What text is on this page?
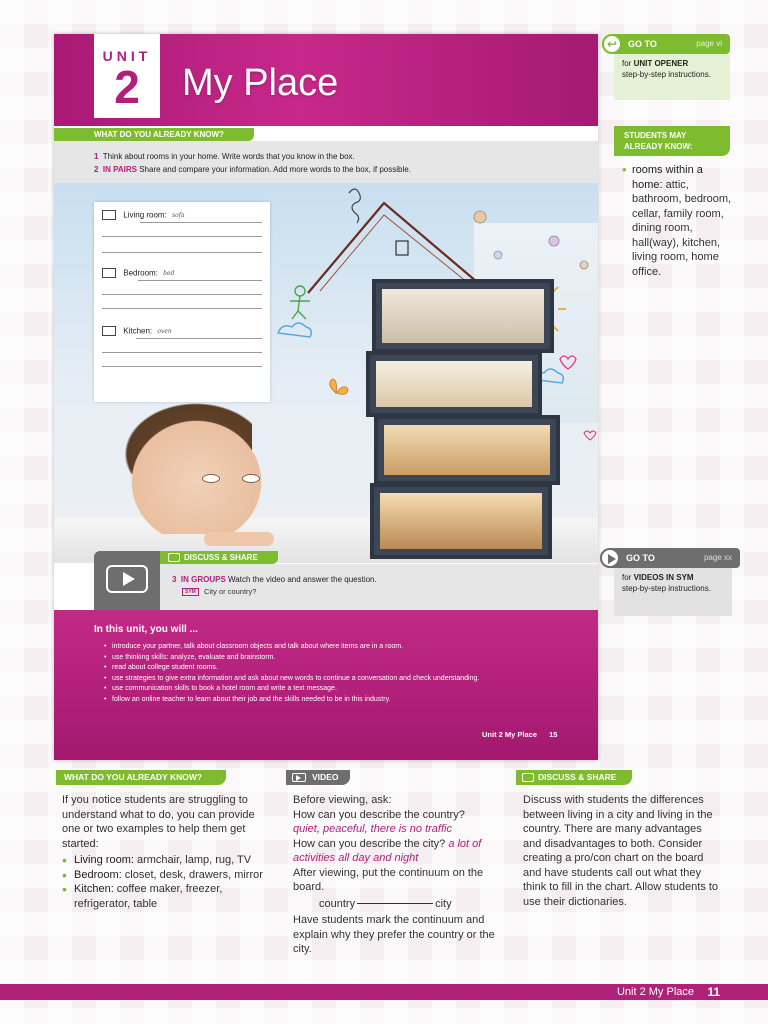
UNIT
2	My Place
WHAT DO YOU ALREADY KNOW?
1 Think about rooms in your home. Write words that you know in the box.
2 IN PAIRS Share and compare your information. Add more words to the box, if possible.
Living room: sofa
Bedroom: bed
Kitchen: oven
DISCUSS & SHARE
3 IN GROUPS Watch the video and answer the question.
SYM City or country?
In this unit, you will ...
• introduce your partner, talk about classroom objects and talk about where items are in a room.
• use thinking skills: analyze, evaluate and brainstorm.
• read about college student rooms.
• use strategies to give extra information and ask about new words to continue a conversation and check understanding.
• use communication skills to book a hotel room and write a text message.
• follow an online teacher to learn about their job and the skills needed to be in this industry.
Unit 2 My Place 15
↩
GO TO	page vi
for UNIT OPENER
step-by-step instructions.
STUDENTS MAY ALREADY KNOW:
• rooms within a home: attic, bathroom, bedroom, cellar, family room, dining room, hall(way), kitchen, living room, home office.
GO TO	page xx
for VIDEOS IN SYM
step-by-step instructions.
WHAT DO YOU ALREADY KNOW?	VIDEO	DISCUSS & SHARE

If you notice students are struggling to understand what to do, you can provide one or two examples to help them get started:

• Living room: armchair, lamp, rug, TV
• Bedroom: closet, desk, drawers, mirror
• Kitchen: coffee maker, freezer, refrigerator, table

Before viewing, ask:

How can you describe the country?

quiet, peaceful, there is no traffic

How can you describe the city? a lot of activities all day and night

After viewing, put the continuum on the board.

country	city

Have students mark the continuum and explain why they prefer the country or the city.

Discuss with students the differences between living in a city and living in the country. There are many advantages and disadvantages to both. Consider creating a pro/con chart on the board and have students call out what they think to fill in the chart. Allow students to use their dictionaries.

Unit 2 My Place 11
